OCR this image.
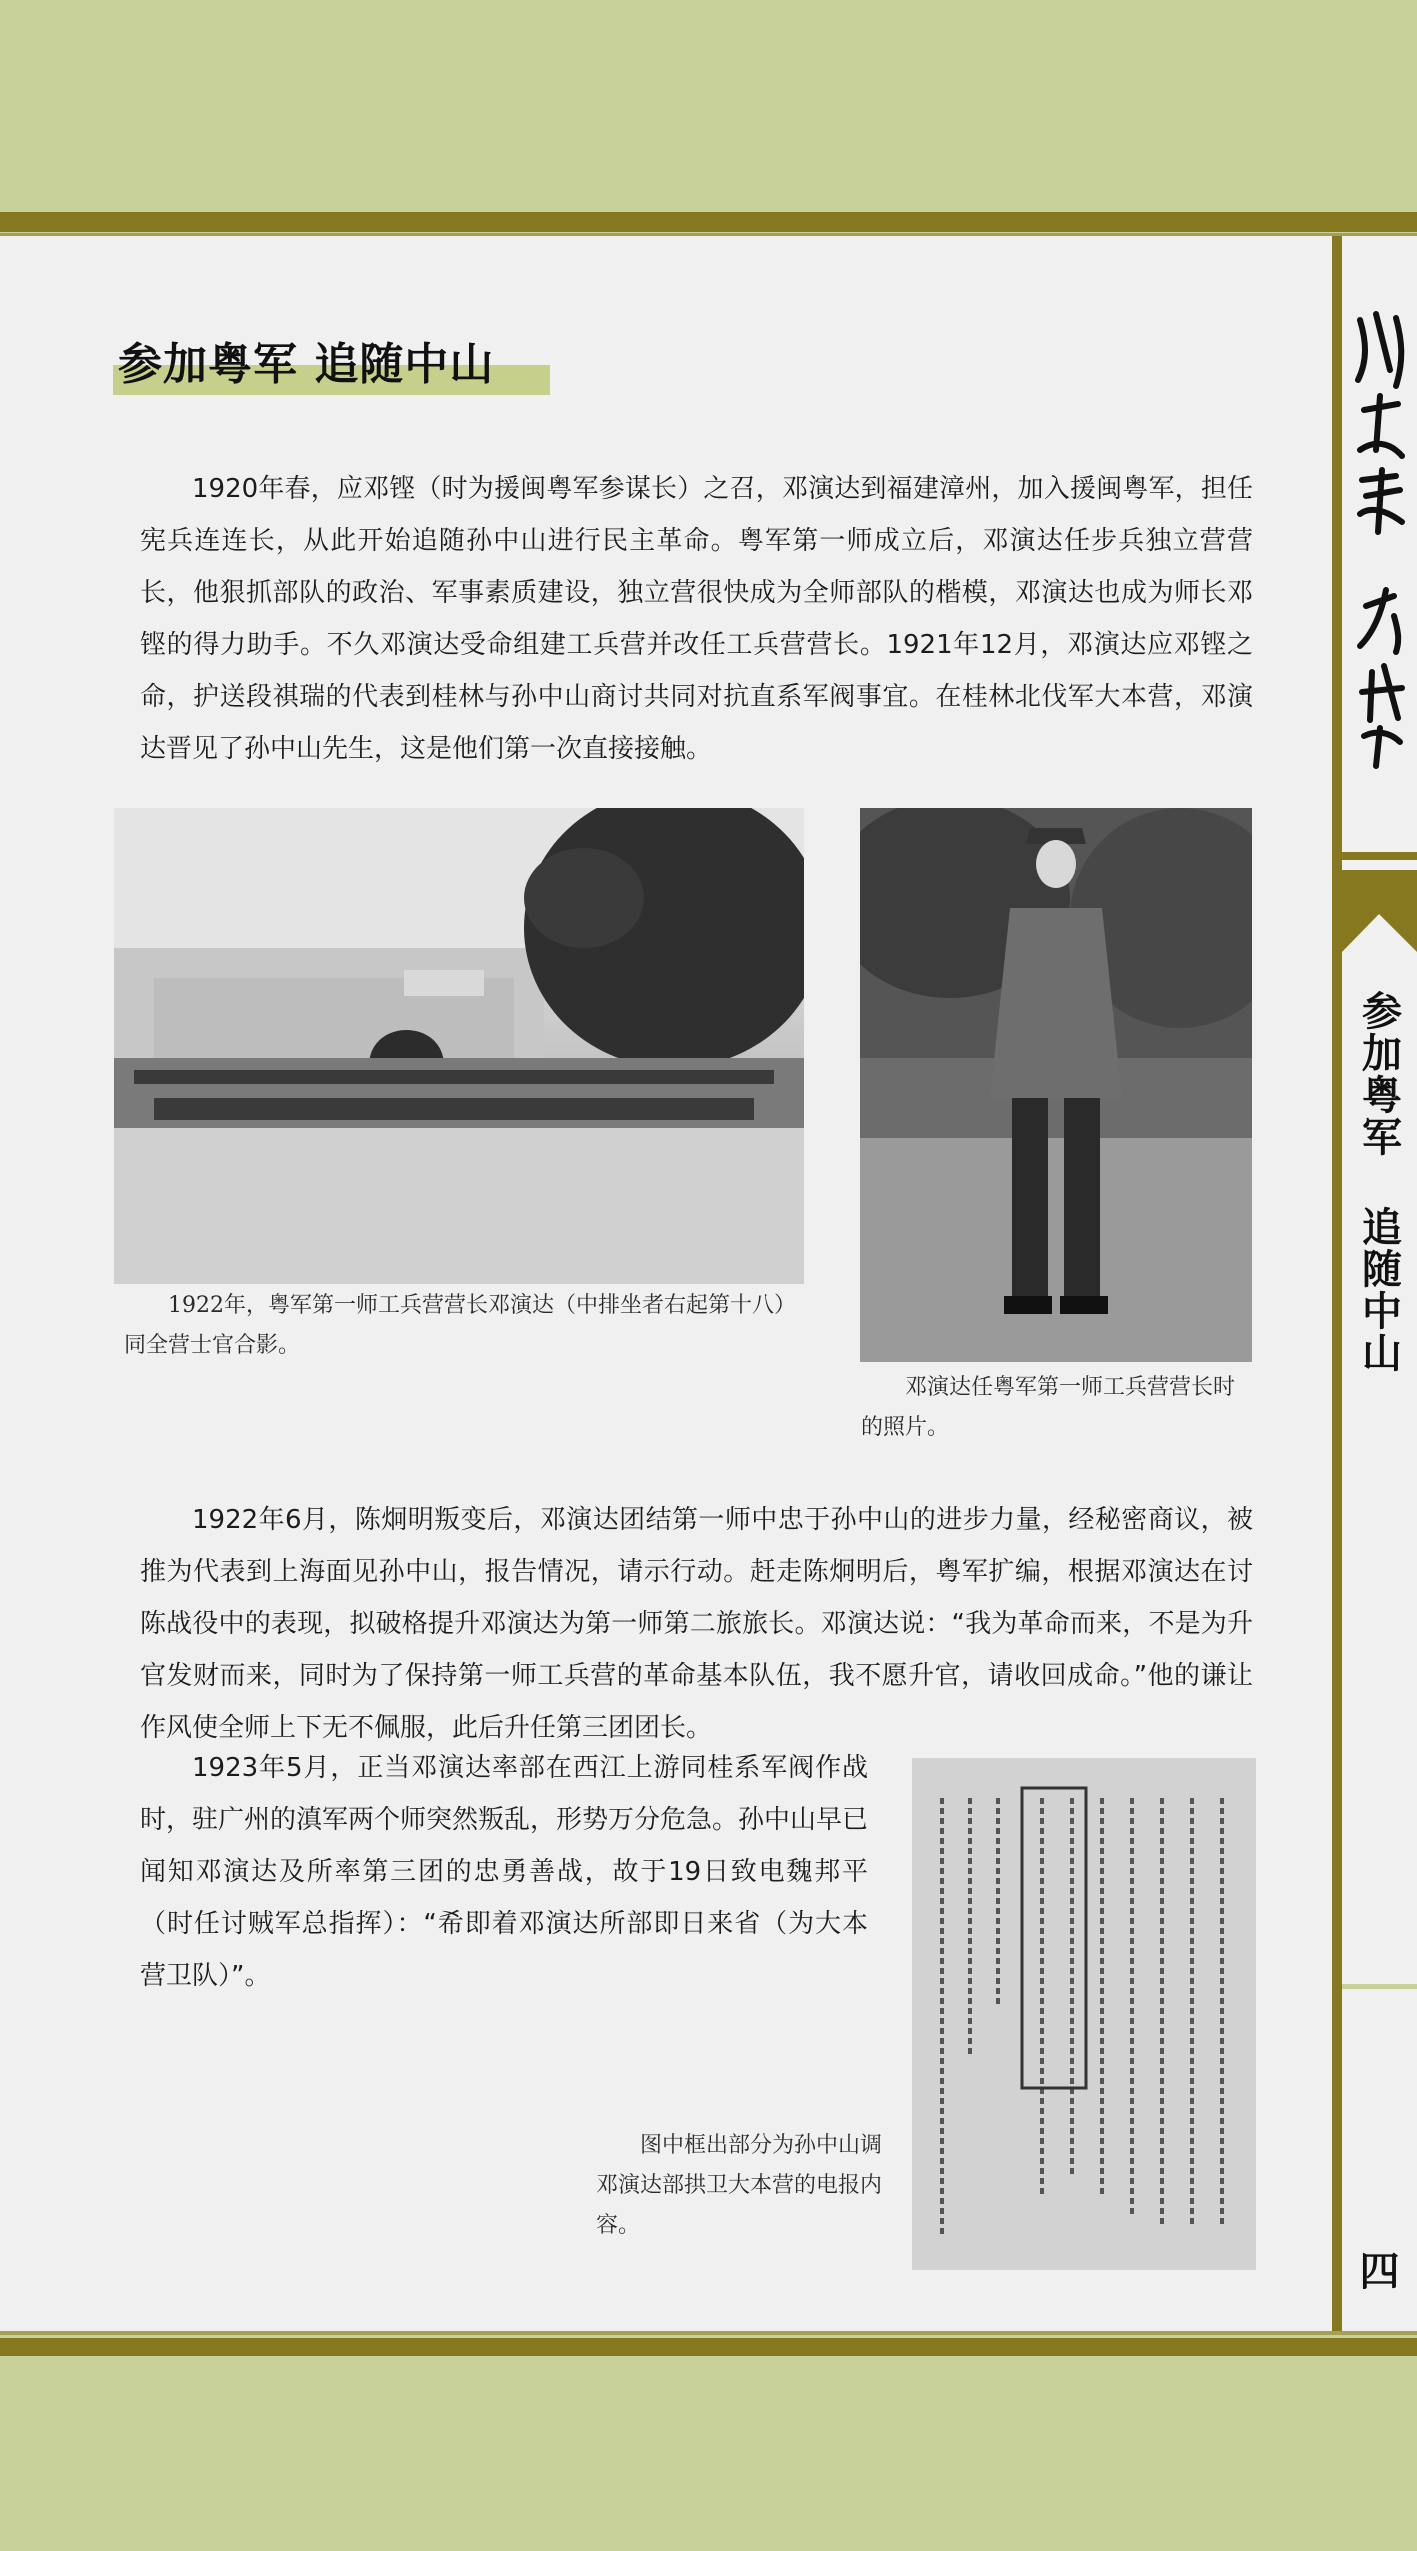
参加粤军 追随中山

1920年春，应邓铿（时为援闽粤军参谋长）之召，邓演达到福建漳州，加入援闽粤军，担任宪兵连连长，从此开始追随孙中山进行民主革命。粤军第一师成立后，邓演达任步兵独立营营长，他狠抓部队的政治、军事素质建设，独立营很快成为全师部队的楷模，邓演达也成为师长邓铿的得力助手。不久邓演达受命组建工兵营并改任工兵营营长。1921年12月，邓演达应邓铿之命，护送段祺瑞的代表到桂林与孙中山商讨共同对抗直系军阀事宜。在桂林北伐军大本营，邓演达晋见了孙中山先生，这是他们第一次直接接触。

1922年，粤军第一师工兵营营长邓演达（中排坐者右起第十八）同全营士官合影。

邓演达任粤军第一师工兵营营长时的照片。

1922年6月，陈炯明叛变后，邓演达团结第一师中忠于孙中山的进步力量，经秘密商议，被推为代表到上海面见孙中山，报告情况，请示行动。赶走陈炯明后，粤军扩编，根据邓演达在讨陈战役中的表现，拟破格提升邓演达为第一师第二旅旅长。邓演达说：“我为革命而来，不是为升官发财而来，同时为了保持第一师工兵营的革命基本队伍，我不愿升官，请收回成命。”他的谦让作风使全师上下无不佩服，此后升任第三团团长。

1923年5月，正当邓演达率部在西江上游同桂系军阀作战时，驻广州的滇军两个师突然叛乱，形势万分危急。孙中山早已闻知邓演达及所率第三团的忠勇善战，故于19日致电魏邦平（时任讨贼军总指挥）：“希即着邓演达所部即日来省（为大本营卫队）”。

图中框出部分为孙中山调邓演达部拱卫大本营的电报内容。

参加粤军 追随中山
四
